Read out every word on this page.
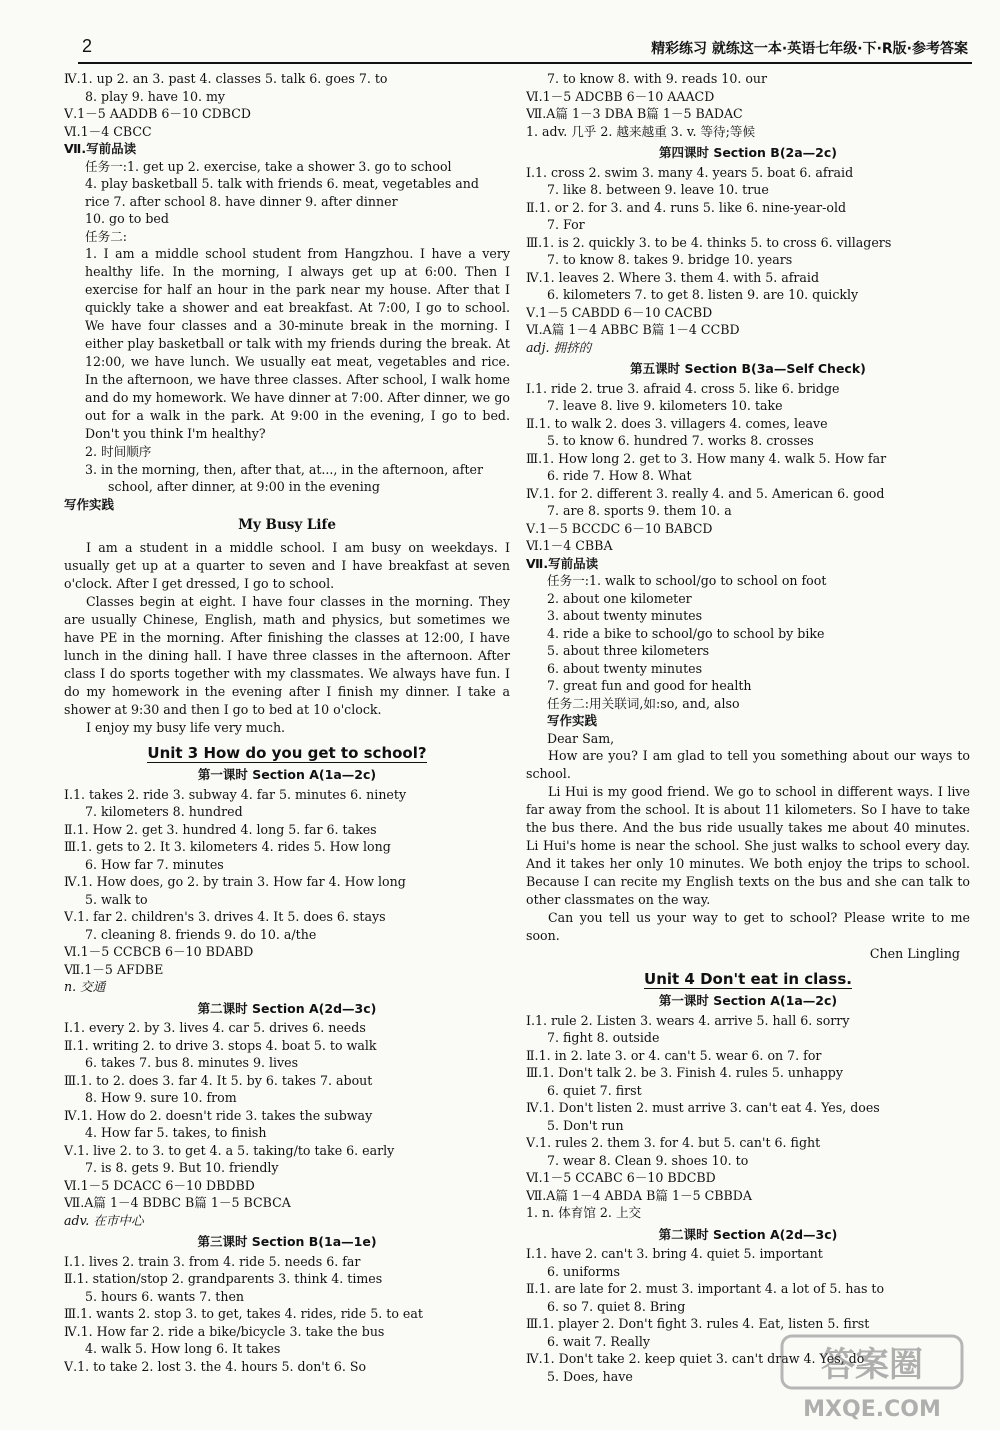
2	精彩练习 就练这一本·英语七年级·下·R版·参考答案
Ⅳ.1. up 2. an 3. past 4. classes 5. talk 6. goes 7. to
8. play 9. have 10. my
Ⅴ.1－5 AADDB 6－10 CDBCD
Ⅵ.1－4 CBCC
Ⅶ.写前品读
任务一:1. get up 2. exercise, take a shower 3. go to school
4. play basketball 5. talk with friends 6. meat, vegetables and
rice 7. after school 8. have dinner 9. after dinner
10. go to bed
任务二:
1. I am a middle school student from Hangzhou. I have a very healthy life. In the morning, I always get up at 6:00. Then I exercise for half an hour in the park near my house. After that I quickly take a shower and eat breakfast. At 7:00, I go to school. We have four classes and a 30-minute break in the morning. I either play basketball or talk with my friends during the break. At 12:00, we have lunch. We usually eat meat, vegetables and rice. In the afternoon, we have three classes. After school, I walk home and do my homework. We have dinner at 7:00. After dinner, we go out for a walk in the park. At 9:00 in the evening, I go to bed. Don't you think I'm healthy?
2. 时间顺序
3. in the morning, then, after that, at..., in the afternoon, after
school, after dinner, at 9:00 in the evening
写作实践
My Busy Life
I am a student in a middle school. I am busy on weekdays. I usually get up at a quarter to seven and I have breakfast at seven o'clock. After I get dressed, I go to school.
Classes begin at eight. I have four classes in the morning. They are usually Chinese, English, math and physics, but sometimes we have PE in the morning. After finishing the classes at 12:00, I have lunch in the dining hall. I have three classes in the afternoon. After class I do sports together with my classmates. We always have fun. I do my homework in the evening after I finish my dinner. I take a shower at 9:30 and then I go to bed at 10 o'clock.
I enjoy my busy life very much.
Unit 3 How do you get to school?
第一课时 Section A(1a—2c)
Ⅰ.1. takes 2. ride 3. subway 4. far 5. minutes 6. ninety
7. kilometers 8. hundred
Ⅱ.1. How 2. get 3. hundred 4. long 5. far 6. takes
Ⅲ.1. gets to 2. It 3. kilometers 4. rides 5. How long
6. How far 7. minutes
Ⅳ.1. How does, go 2. by train 3. How far 4. How long
5. walk to
Ⅴ.1. far 2. children's 3. drives 4. It 5. does 6. stays
7. cleaning 8. friends 9. do 10. a/the
Ⅵ.1－5 CCBCB 6－10 BDABD
Ⅶ.1－5 AFDBE
n. 交通
第二课时 Section A(2d—3c)
Ⅰ.1. every 2. by 3. lives 4. car 5. drives 6. needs
Ⅱ.1. writing 2. to drive 3. stops 4. boat 5. to walk
6. takes 7. bus 8. minutes 9. lives
Ⅲ.1. to 2. does 3. far 4. It 5. by 6. takes 7. about
8. How 9. sure 10. from
Ⅳ.1. How do 2. doesn't ride 3. takes the subway
4. How far 5. takes, to finish
Ⅴ.1. live 2. to 3. to get 4. a 5. taking/to take 6. early
7. is 8. gets 9. But 10. friendly
Ⅵ.1－5 DCACC 6－10 DBDBD
Ⅶ.A篇 1－4 BDBC B篇 1－5 BCBCA
adv. 在市中心
第三课时 Section B(1a—1e)
Ⅰ.1. lives 2. train 3. from 4. ride 5. needs 6. far
Ⅱ.1. station/stop 2. grandparents 3. think 4. times
5. hours 6. wants 7. then
Ⅲ.1. wants 2. stop 3. to get, takes 4. rides, ride 5. to eat
Ⅳ.1. How far 2. ride a bike/bicycle 3. take the bus
4. walk 5. How long 6. It takes
Ⅴ.1. to take 2. lost 3. the 4. hours 5. don't 6. So
7. to know 8. with 9. reads 10. our
Ⅵ.1－5 ADCBB 6－10 AAACD
Ⅶ.A篇 1－3 DBA B篇 1－5 BADAC
1. adv. 几乎 2. 越来越重 3. v. 等待;等候
第四课时 Section B(2a—2c)
Ⅰ.1. cross 2. swim 3. many 4. years 5. boat 6. afraid
7. like 8. between 9. leave 10. true
Ⅱ.1. or 2. for 3. and 4. runs 5. like 6. nine-year-old
7. For
Ⅲ.1. is 2. quickly 3. to be 4. thinks 5. to cross 6. villagers
7. to know 8. takes 9. bridge 10. years
Ⅳ.1. leaves 2. Where 3. them 4. with 5. afraid
6. kilometers 7. to get 8. listen 9. are 10. quickly
Ⅴ.1－5 CABDD 6－10 CACBD
Ⅵ.A篇 1－4 ABBC B篇 1－4 CCBD
adj. 拥挤的
第五课时 Section B(3a—Self Check)
Ⅰ.1. ride 2. true 3. afraid 4. cross 5. like 6. bridge
7. leave 8. live 9. kilometers 10. take
Ⅱ.1. to walk 2. does 3. villagers 4. comes, leave
5. to know 6. hundred 7. works 8. crosses
Ⅲ.1. How long 2. get to 3. How many 4. walk 5. How far
6. ride 7. How 8. What
Ⅳ.1. for 2. different 3. really 4. and 5. American 6. good
7. are 8. sports 9. them 10. a
Ⅴ.1－5 BCCDC 6－10 BABCD
Ⅵ.1－4 CBBA
Ⅶ.写前品读
任务一:1. walk to school/go to school on foot
2. about one kilometer
3. about twenty minutes
4. ride a bike to school/go to school by bike
5. about three kilometers
6. about twenty minutes
7. great fun and good for health
任务二:用关联词,如:so, and, also
写作实践
Dear Sam,
How are you? I am glad to tell you something about our ways to school.
Li Hui is my good friend. We go to school in different ways. I live far away from the school. It is about 11 kilometers. So I have to take the bus there. And the bus ride usually takes me about 40 minutes. Li Hui's home is near the school. She just walks to school every day. And it takes her only 10 minutes. We both enjoy the trips to school. Because I can recite my English texts on the bus and she can talk to other classmates on the way.
Can you tell us your way to get to school? Please write to me soon.
Chen Lingling
Unit 4 Don't eat in class.
第一课时 Section A(1a—2c)
Ⅰ.1. rule 2. Listen 3. wears 4. arrive 5. hall 6. sorry
7. fight 8. outside
Ⅱ.1. in 2. late 3. or 4. can't 5. wear 6. on 7. for
Ⅲ.1. Don't talk 2. be 3. Finish 4. rules 5. unhappy
6. quiet 7. first
Ⅳ.1. Don't listen 2. must arrive 3. can't eat 4. Yes, does
5. Don't run
Ⅴ.1. rules 2. them 3. for 4. but 5. can't 6. fight
7. wear 8. Clean 9. shoes 10. to
Ⅵ.1－5 CCABC 6－10 BDCBD
Ⅶ.A篇 1－4 ABDA B篇 1－5 CBBDA
1. n. 体育馆 2. 上交
第二课时 Section A(2d—3c)
Ⅰ.1. have 2. can't 3. bring 4. quiet 5. important
6. uniforms
Ⅱ.1. are late for 2. must 3. important 4. a lot of 5. has to
6. so 7. quiet 8. Bring
Ⅲ.1. player 2. Don't fight 3. rules 4. Eat, listen 5. first
6. wait 7. Really
Ⅳ.1. Don't take 2. keep quiet 3. can't draw 4. Yes, do
5. Does, have	答案圈
MXQE.COM
